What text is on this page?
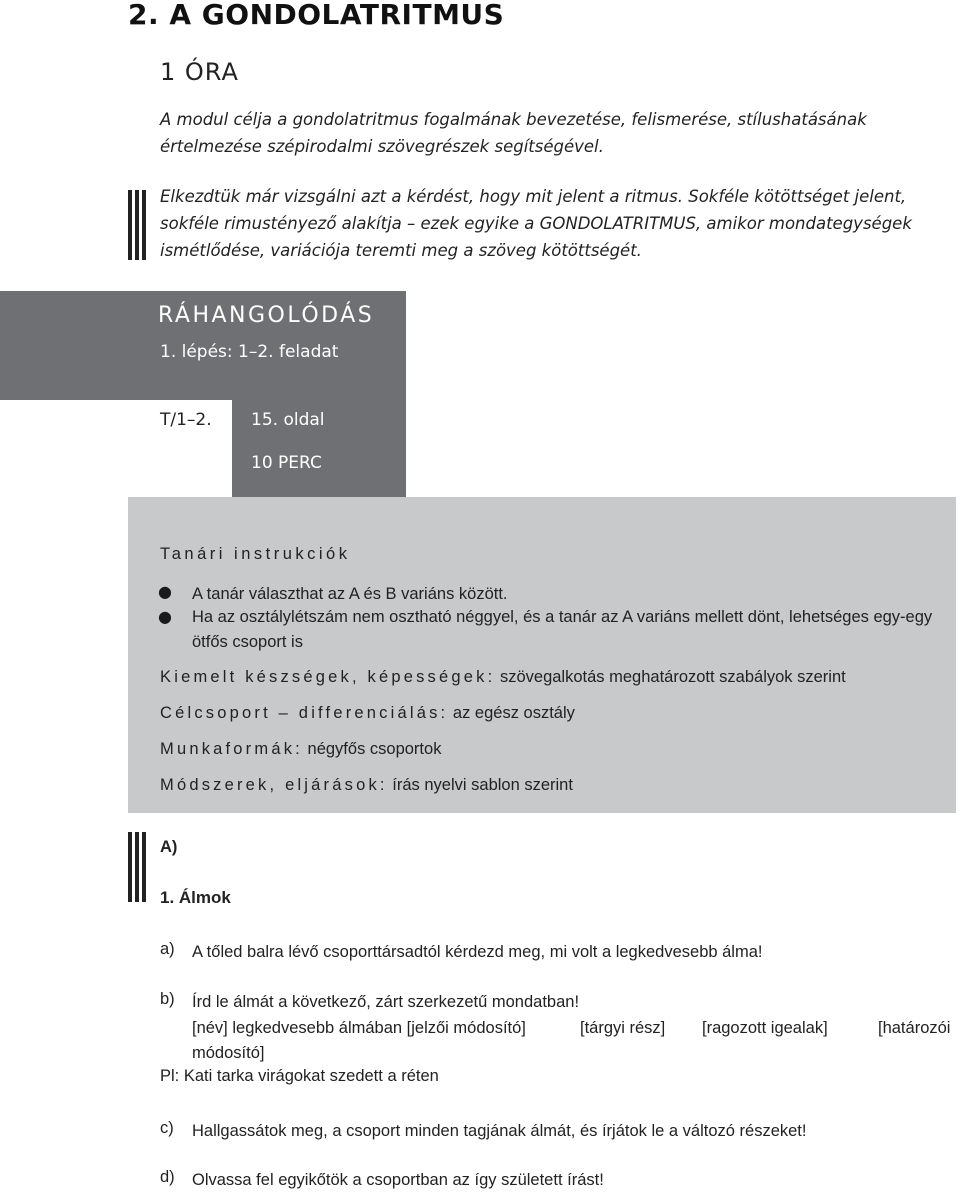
2. A GONDOLATRITMUS
1 ÓRA
A modul célja a gondolatritmus fogalmának bevezetése, felismerése, stílushatásának értelmezése szépirodalmi szövegrészek segítségével.
Elkezdtük már vizsgálni azt a kérdést, hogy mit jelent a ritmus. Sokféle kötöttséget jelent, sokféle rimustényező alakítja – ezek egyike a GONDOLATRITMUS, amikor mondategységek ismétlődése, variációja teremti meg a szöveg kötöttségét.
RÁHANGOLÓDÁS
1. lépés: 1–2. feladat
T/1–2. 15. oldal
10 PERC
Tanári instrukciók
● A tanár választhat az A és B variáns között.
● Ha az osztálylétszám nem osztható néggyel, és a tanár az A variáns mellett dönt, lehetséges egy-egy ötfős csoport is
Kiemelt készségek, képességek: szövegalkotás meghatározott szabályok szerint
Célcsoport – differenciálás: az egész osztály
Munkaformák: négyfős csoportok
Módszerek, eljárások: írás nyelvi sablon szerint
A)
1. Álmok
a) A tőled balra lévő csoporttársadtól kérdezd meg, mi volt a legkedvesebb álma!
b) Írd le álmát a következő, zárt szerkezetű mondatban!
[név] legkedvesebb álmában [jelzői módosító]	[tárgyi rész] [ragozott igealak]	[határozói
módosító]
Pl: Kati tarka virágokat szedett a réten
c) Hallgassátok meg, a csoport minden tagjának álmát, és írjátok le a változó részeket!
d) Olvassa fel egyikőtök a csoportban az így született írást!
